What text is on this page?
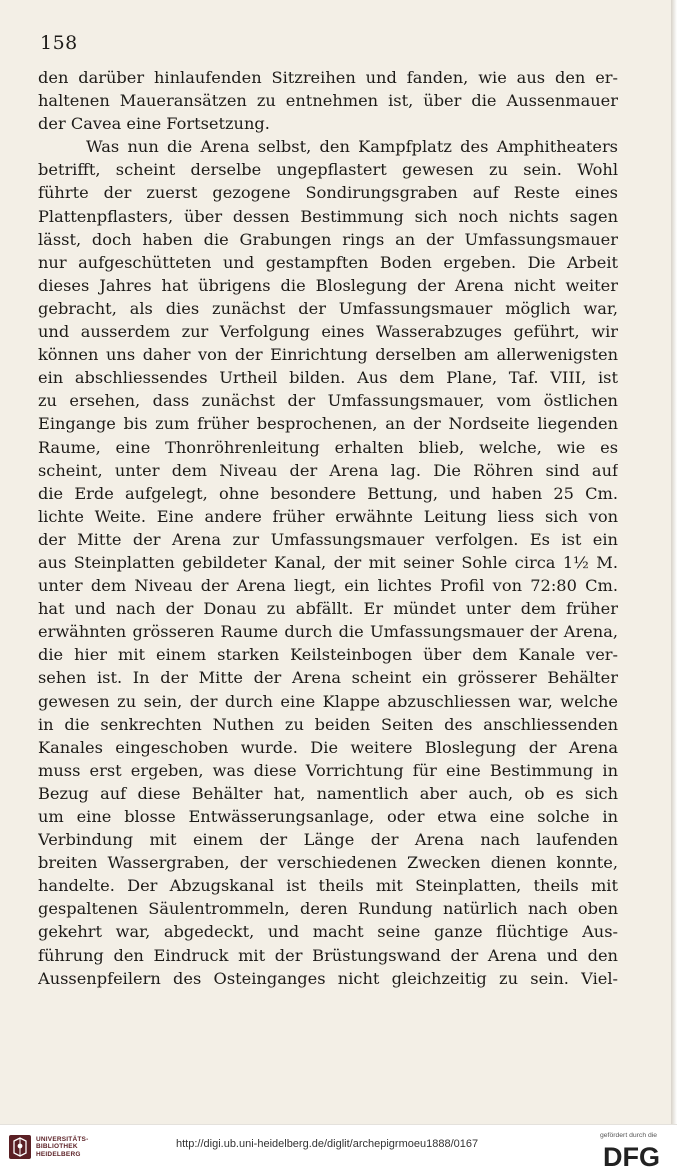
158
den darüber hinlaufenden Sitzreihen und fanden, wie aus den er-
haltenen Maueransätzen zu entnehmen ist, über die Aussenmauer
der Cavea eine Fortsetzung.
Was nun die Arena selbst, den Kampfplatz des Amphitheaters
betrifft, scheint derselbe ungepflastert gewesen zu sein. Wohl
führte der zuerst gezogene Sondirungsgraben auf Reste eines
Plattenpflasters, über dessen Bestimmung sich noch nichts sagen
lässt, doch haben die Grabungen rings an der Umfassungsmauer
nur aufgeschütteten und gestampften Boden ergeben. Die Arbeit
dieses Jahres hat übrigens die Bloslegung der Arena nicht weiter
gebracht, als dies zunächst der Umfassungsmauer möglich war,
und ausserdem zur Verfolgung eines Wasserabzuges geführt, wir
können uns daher von der Einrichtung derselben am allerwenigsten
ein abschliessendes Urtheil bilden. Aus dem Plane, Taf. VIII, ist
zu ersehen, dass zunächst der Umfassungsmauer, vom östlichen
Eingange bis zum früher besprochenen, an der Nordseite liegenden
Raume, eine Thonröhrenleitung erhalten blieb, welche, wie es
scheint, unter dem Niveau der Arena lag. Die Röhren sind auf
die Erde aufgelegt, ohne besondere Bettung, und haben 25 Cm.
lichte Weite. Eine andere früher erwähnte Leitung liess sich von
der Mitte der Arena zur Umfassungsmauer verfolgen. Es ist ein
aus Steinplatten gebildeter Kanal, der mit seiner Sohle circa 1½ M.
unter dem Niveau der Arena liegt, ein lichtes Profil von 72:80 Cm.
hat und nach der Donau zu abfällt. Er mündet unter dem früher
erwähnten grösseren Raume durch die Umfassungsmauer der Arena,
die hier mit einem starken Keilsteinbogen über dem Kanale ver-
sehen ist. In der Mitte der Arena scheint ein grösserer Behälter
gewesen zu sein, der durch eine Klappe abzuschliessen war, welche
in die senkrechten Nuthen zu beiden Seiten des anschliessenden
Kanales eingeschoben wurde. Die weitere Bloslegung der Arena
muss erst ergeben, was diese Vorrichtung für eine Bestimmung in
Bezug auf diese Behälter hat, namentlich aber auch, ob es sich
um eine blosse Entwässerungsanlage, oder etwa eine solche in
Verbindung mit einem der Länge der Arena nach laufenden
breiten Wassergraben, der verschiedenen Zwecken dienen konnte,
handelte. Der Abzugskanal ist theils mit Steinplatten, theils mit
gespaltenen Säulentrommeln, deren Rundung natürlich nach oben
gekehrt war, abgedeckt, und macht seine ganze flüchtige Aus-
führung den Eindruck mit der Brüstungswand der Arena und den
Aussenpfeilern des Osteinganges nicht gleichzeitig zu sein. Viel-
UNIVERSITÄTS-
BIBLIOTHEK
HEIDELBERG
http://digi.ub.uni-heidelberg.de/diglit/archepigrmoeu1888/0167
gefördert durch die
DFG
